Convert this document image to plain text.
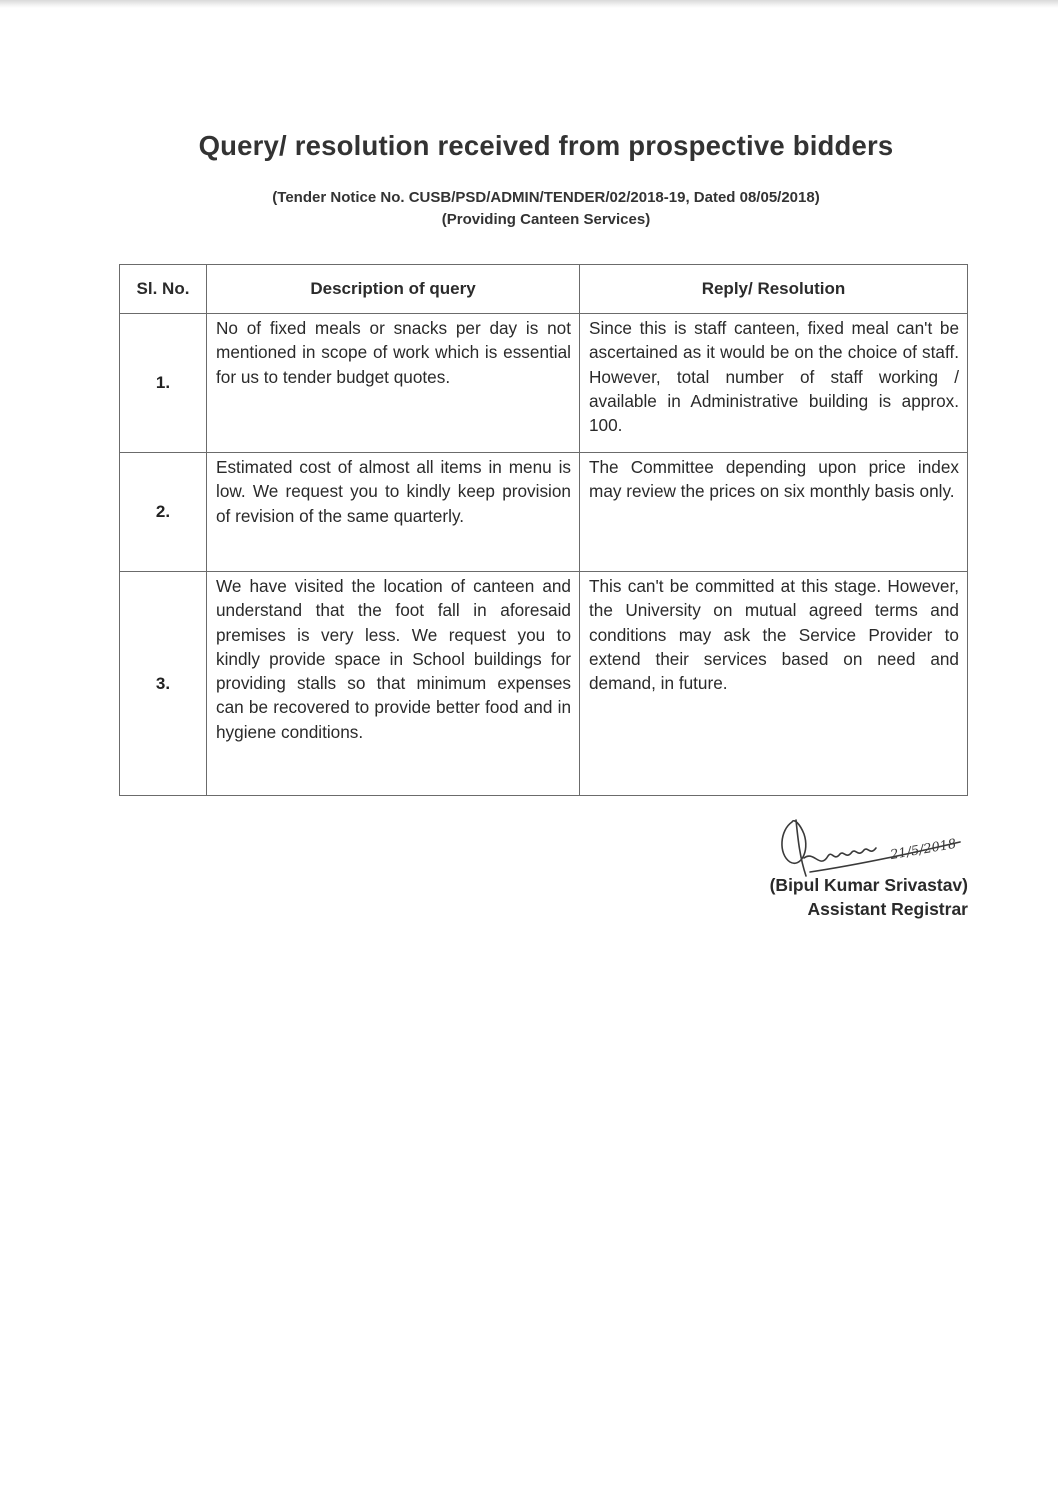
Query/ resolution received from prospective bidders
(Tender Notice No. CUSB/PSD/ADMIN/TENDER/02/2018-19, Dated 08/05/2018)
(Providing Canteen Services)
Sl. No.	Description of query	Reply/ Resolution
1.	No of fixed meals or snacks per day is not mentioned in scope of work which is essential for us to tender budget quotes.	Since this is staff canteen, fixed meal can't be ascertained as it would be on the choice of staff. However, total number of staff working / available in Administrative building is approx. 100.
2.	Estimated cost of almost all items in menu is low. We request you to kindly keep provision of revision of the same quarterly.	The Committee depending upon price index may review the prices on six monthly basis only.
3.	We have visited the location of canteen and understand that the foot fall in aforesaid premises is very less. We request you to kindly provide space in School buildings for providing stalls so that minimum expenses can be recovered to provide better food and in hygiene conditions.	This can't be committed at this stage. However, the University on mutual agreed terms and conditions may ask the Service Provider to extend their services based on need and demand, in future.
21/5/2018
(Bipul Kumar Srivastav)
Assistant Registrar
